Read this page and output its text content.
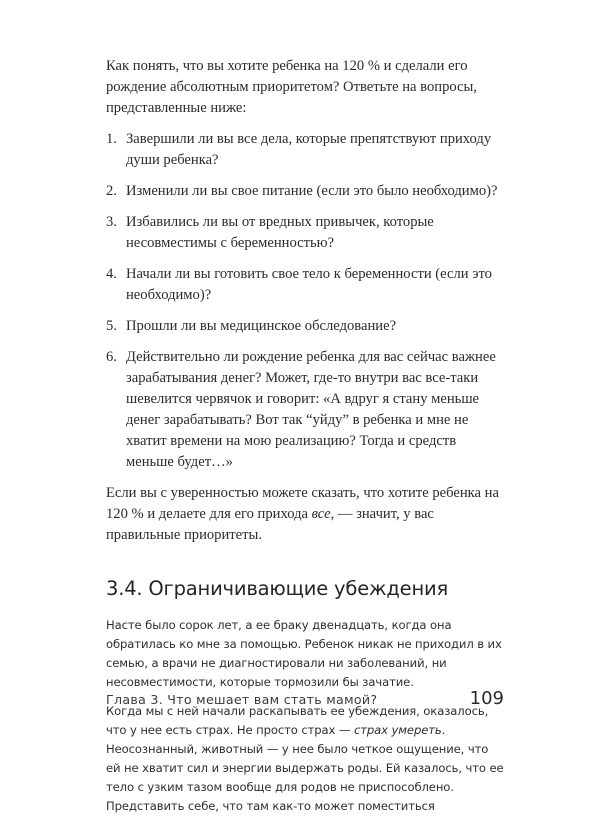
Как понять, что вы хотите ребенка на 120 % и сделали его рождение абсолютным приоритетом? Ответьте на вопросы, представленные ниже:

1. Завершили ли вы все дела, которые препятствуют приходу души ребенка?
2. Изменили ли вы свое питание (если это было необходимо)?
3. Избавились ли вы от вредных привычек, которые несовместимы с беременностью?
4. Начали ли вы готовить свое тело к беременности (если это необходимо)?
5. Прошли ли вы медицинское обследование?
6. Действительно ли рождение ребенка для вас сейчас важнее зарабатывания денег? Может, где-то внутри вас все-таки шевелится червячок и говорит: «А вдруг я стану меньше денег зарабатывать? Вот так “уйду” в ребенка и мне не хватит времени на мою реализацию? Тогда и средств меньше будет…»

Если вы с уверенностью можете сказать, что хотите ребенка на 120 % и делаете для его прихода все, — значит, у вас правильные приоритеты.

3.4. Ограничивающие убеждения

Насте было сорок лет, а ее браку двенадцать, когда она обратилась ко мне за помощью. Ребенок никак не приходил в их семью, а врачи не диагностировали ни заболеваний, ни несовместимости, которые тормозили бы зачатие.

Когда мы с ней начали раскапывать ее убеждения, оказалось, что у нее есть страх. Не просто страх — страх умереть. Неосознанный, животный — у нее было четкое ощущение, что ей не хватит сил и энергии выдержать роды. Ей казалось, что ее тело с узким тазом вообще для родов не приспособлено. Представить себе, что там как-то может поместиться

Глава 3. Что мешает вам стать мамой?	109
